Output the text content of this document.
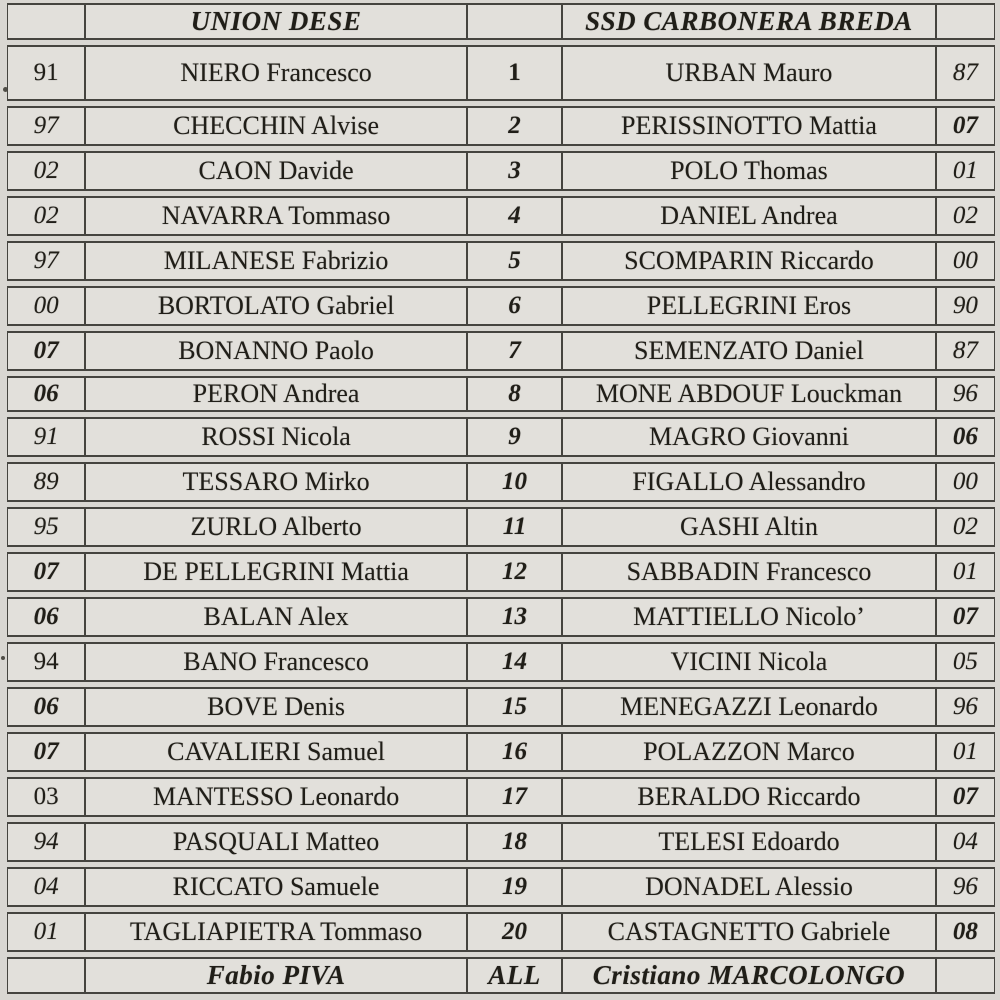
	UNION DESE		SSD CARBONERA BREDA	
91	NIERO Francesco	1	URBAN Mauro	87
97	CHECCHIN Alvise	2	PERISSINOTTO Mattia	07
02	CAON Davide	3	POLO Thomas	01
02	NAVARRA Tommaso	4	DANIEL Andrea	02
97	MILANESE Fabrizio	5	SCOMPARIN Riccardo	00
00	BORTOLATO Gabriel	6	PELLEGRINI Eros	90
07	BONANNO Paolo	7	SEMENZATO Daniel	87
06	PERON Andrea	8	MONE ABDOUF Louckman	96
91	ROSSI Nicola	9	MAGRO Giovanni	06
89	TESSARO Mirko	10	FIGALLO Alessandro	00
95	ZURLO Alberto	11	GASHI Altin	02
07	DE PELLEGRINI Mattia	12	SABBADIN Francesco	01
06	BALAN Alex	13	MATTIELLO Nicolo’	07
94	BANO Francesco	14	VICINI Nicola	05
06	BOVE Denis	15	MENEGAZZI Leonardo	96
07	CAVALIERI Samuel	16	POLAZZON Marco	01
03	MANTESSO Leonardo	17	BERALDO Riccardo	07
94	PASQUALI Matteo	18	TELESI Edoardo	04
04	RICCATO Samuele	19	DONADEL Alessio	96
01	TAGLIAPIETRA Tommaso	20	CASTAGNETTO Gabriele	08
	Fabio PIVA	ALL	Cristiano MARCOLONGO	
